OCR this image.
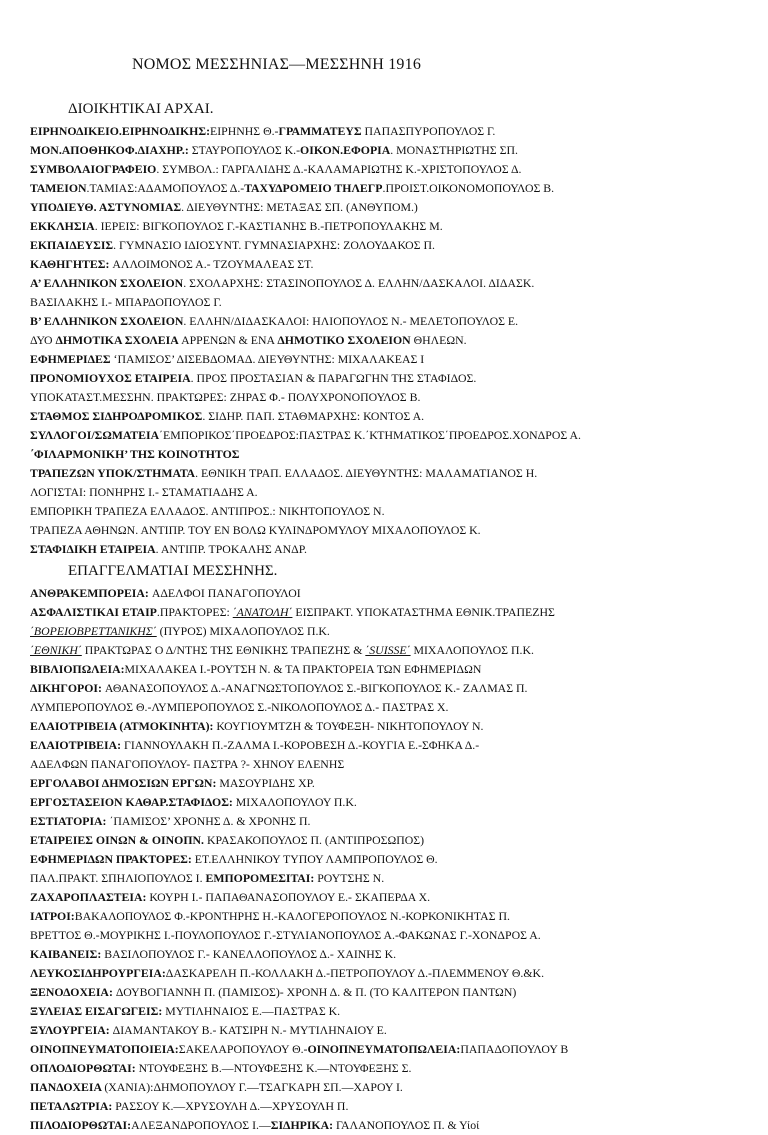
ΝΟΜΟΣ ΜΕΣΣΗΝΙΑΣ—ΜΕΣΣΗΝΗ 1916
ΔΙΟΙΚΗΤΙΚΑΙ ΑΡΧΑΙ.
ΕΙΡΗΝΟΔΙΚΕΙΟ.ΕΙΡΗΝΟΔΙΚΗΣ:ΕΙΡΗΝΗΣ Θ.-ΓΡΑΜΜΑΤΕΥΣ ΠΑΠΑΣΠΥΡΟΠΟΥΛΟΣ Γ.
ΜΟΝ.ΑΠΟΘΗΚΟΦ.ΔΙΑΧΗΡ.: ΣΤΑΥΡΟΠΟΥΛΟΣ Κ.-ΟΙΚΟΝ.ΕΦΟΡΙΑ. ΜΟΝΑΣΤΗΡΙΩΤΗΣ ΣΠ.
ΣΥΜΒΟΛΑΙΟΓΡΑΦΕΙΟ. ΣΥΜΒΟΛ.: ΓΑΡΓΑΛΙΔΗΣ Δ.-ΚΑΛΑΜΑΡΙΩΤΗΣ Κ.-ΧΡΙΣΤΟΠΟΥΛΟΣ Δ.
ΤΑΜΕΙΟΝ.ΤΑΜΙΑΣ:ΑΔΑΜΟΠΟΥΛΟΣ Δ.-ΤΑΧΥΔΡΟΜΕΙΟ ΤΗΛΕΓΡ.ΠΡΟΙΣΤ.ΟΙΚΟΝΟΜΟΠΟΥΛΟΣ Β.
ΥΠΟΔΙΕΥΘ. ΑΣΤΥΝΟΜΙΑΣ. ΔΙΕΥΘΥΝΤΗΣ: ΜΕΤΑΞΑΣ ΣΠ. (ΑΝΘΥΠΟΜ.)
ΕΚΚΛΗΣΙΑ. ΙΕΡΕΙΣ: ΒΙΓΚΟΠΟΥΛΟΣ Γ.-ΚΑΣΤΙΑΝΗΣ Β.-ΠΕΤΡΟΠΟΥΛΑΚΗΣ Μ.
ΕΚΠΑΙΔΕΥΣΙΣ. ΓΥΜΝΑΣΙΟ ΙΔΙΟΣΥΝΤ. ΓΥΜΝΑΣΙΑΡΧΗΣ: ΖΟΛΟΥΔΑΚΟΣ Π.
ΚΑΘΗΓΗΤΕΣ: ΑΛΛΟΙΜΟΝΟΣ Α.- ΤΖΟΥΜΑΛΕΑΣ ΣΤ.
Α’ ΕΛΛΗΝΙΚΟΝ ΣΧΟΛΕΙΟΝ. ΣΧΟΛΑΡΧΗΣ: ΣΤΑΣΙΝΟΠΟΥΛΟΣ Δ. ΕΛΛΗΝ/ΔΑΣΚΑΛΟΙ. ΔΙΔΑΣΚ.
ΒΑΣΙΛΑΚΗΣ Ι.- ΜΠΑΡΔΟΠΟΥΛΟΣ Γ.
Β’ ΕΛΛΗΝΙΚΟΝ ΣΧΟΛΕΙΟΝ. ΕΛΛΗΝ/ΔΙΔΑΣΚΑΛΟΙ: ΗΛΙΟΠΟΥΛΟΣ Ν.- ΜΕΛΕΤΟΠΟΥΛΟΣ Ε.
ΔΥΟ ΔΗΜΟΤΙΚΑ ΣΧΟΛΕΙΑ ΑΡΡΕΝΩΝ & ΕΝΑ ΔΗΜΟΤΙΚΟ ΣΧΟΛΕΙΟΝ ΘΗΛΕΩΝ.
ΕΦΗΜΕΡΙΔΕΣ ‘ΠΑΜΙΣΟΣ’ ΔΙΣΕΒΔΟΜΑΔ. ΔΙΕΥΘΥΝΤΗΣ: ΜΙΧΑΛΑΚΕΑΣ Ι
ΠΡΟΝΟΜΙΟΥΧΟΣ ΕΤΑΙΡΕΙΑ. ΠΡΟΣ ΠΡΟΣΤΑΣΙΑΝ & ΠΑΡΑΓΩΓΗΝ ΤΗΣ ΣΤΑΦΙΔΟΣ.
ΥΠΟΚΑΤΑΣΤ.ΜΕΣΣΗΝ. ΠΡΑΚΤΩΡΕΣ: ΖΗΡΑΣ Φ.- ΠΟΛΥΧΡΟΝΟΠΟΥΛΟΣ Β.
ΣΤΑΘΜΟΣ ΣΙΔΗΡΟΔΡΟΜΙΚΟΣ. ΣΙΔΗΡ. ΠΑΠ. ΣΤΑΘΜΑΡΧΗΣ: ΚΟΝΤΟΣ Α.
ΣΥΛΛΟΓΟΙ/ΣΩΜΑΤΕΙΑ΄ΕΜΠΟΡΙΚΟΣ΄ΠΡΟΕΔΡΟΣ:ΠΑΣΤΡΑΣ Κ.΄ΚΤΗΜΑΤΙΚΟΣ΄ΠΡΟΕΔΡΟΣ.ΧΟΝΔΡΟΣ Α.
΄ΦΙΛΑΡΜΟΝΙΚΗ’ ΤΗΣ ΚΟΙΝΟΤΗΤΟΣ
ΤΡΑΠΕΖΩΝ ΥΠΟΚ/ΣΤΗΜΑΤΑ. ΕΘΝΙΚΗ ΤΡΑΠ. ΕΛΛΑΔΟΣ. ΔΙΕΥΘΥΝΤΗΣ: ΜΑΛΑΜΑΤΙΑΝΟΣ Η.
ΛΟΓΙΣΤΑΙ: ΠΟΝΗΡΗΣ Ι.- ΣΤΑΜΑΤΙΑΔΗΣ Α.
ΕΜΠΟΡΙΚΗ ΤΡΑΠΕΖΑ ΕΛΛΑΔΟΣ. ΑΝΤΙΠΡΟΣ.: ΝΙΚΗΤΟΠΟΥΛΟΣ Ν.
ΤΡΑΠΕΖΑ ΑΘΗΝΩΝ. ΑΝΤΙΠΡ. ΤΟΥ ΕΝ ΒΟΛΩ ΚΥΛΙΝΔΡΟΜΥΛΟΥ ΜΙΧΑΛΟΠΟΥΛΟΣ Κ.
ΣΤΑΦΙΔΙΚΗ ΕΤΑΙΡΕΙΑ. ΑΝΤΙΠΡ. ΤΡΟΚΑΛΗΣ ΑΝΔΡ.
ΕΠΑΓΓΕΛΜΑΤΙΑΙ ΜΕΣΣΗΝΗΣ.
ΑΝΘΡΑΚΕΜΠΟΡΕΙΑ: ΑΔΕΛΦΟΙ ΠΑΝΑΓΟΠΟΥΛΟΙ
ΑΣΦΑΛΙΣΤΙΚΑΙ ΕΤΑΙΡ.ΠΡΑΚΤΟΡΕΣ: ΄ΑΝΑΤΟΛΗ΄ ΕΙΣΠΡΑΚΤ. ΥΠΟΚΑΤΑΣΤΗΜΑ ΕΘΝΙΚ.ΤΡΑΠΕΖΗΣ
΄ΒΟΡΕΙΟΒΡΕΤΤΑΝΙΚΗΣ΄ (ΠΥΡΟΣ) ΜΙΧΑΛΟΠΟΥΛΟΣ Π.Κ.
΄ΕΘΝΙΚΗ΄ ΠΡΑΚΤΩΡΑΣ Ο Δ/ΝΤΗΣ ΤΗΣ ΕΘΝΙΚΗΣ ΤΡΑΠΕΖΗΣ & ΄SUISSE΄ ΜΙΧΑΛΟΠΟΥΛΟΣ Π.Κ.
ΒΙΒΛΙΟΠΩΛΕΙΑ:ΜΙΧΑΛΑΚΕΑ Ι.-ΡΟΥΤΣΗ Ν. & ΤΑ ΠΡΑΚΤΟΡΕΙΑ ΤΩΝ ΕΦΗΜΕΡΙΔΩΝ
ΔΙΚΗΓΟΡΟΙ: ΑΘΑΝΑΣΟΠΟΥΛΟΣ Δ.-ΑΝΑΓΝΩΣΤΟΠΟΥΛΟΣ Σ.-ΒΙΓΚΟΠΟΥΛΟΣ Κ.- ΖΑΛΜΑΣ Π.
ΛΥΜΠΕΡΟΠΟΥΛΟΣ Θ.-ΛΥΜΠΕΡΟΠΟΥΛΟΣ Σ.-ΝΙΚΟΛΟΠΟΥΛΟΣ Δ.- ΠΑΣΤΡΑΣ Χ.
ΕΛΑΙΟΤΡΙΒΕΙΑ (ΑΤΜΟΚΙΝΗΤΑ): ΚΟΥΓΙΟΥΜΤΖΗ & ΤΟΥΦΕΞΗ- ΝΙΚΗΤΟΠΟΥΛΟΥ Ν.
ΕΛΑΙΟΤΡΙΒΕΙΑ: ΓΙΑΝΝΟΥΛΑΚΗ Π.-ΖΑΛΜΑ Ι.-ΚΟΡΟΒΕΣΗ Δ.-ΚΟΥΓΙΑ Ε.-ΣΦΗΚΑ Δ.-
ΑΔΕΛΦΩΝ ΠΑΝΑΓΟΠΟΥΛΟΥ- ΠΑΣΤΡΑ ?- ΧΗΝΟΥ ΕΛΕΝΗΣ
ΕΡΓΟΛΑΒΟΙ ΔΗΜΟΣΙΩΝ ΕΡΓΩΝ: ΜΑΣΟΥΡΙΔΗΣ ΧΡ.
ΕΡΓΟΣΤΑΣΕΙΟΝ ΚΑΘΑΡ.ΣΤΑΦΙΔΟΣ: ΜΙΧΑΛΟΠΟΥΛΟΥ Π.Κ.
ΕΣΤΙΑΤΟΡΙΑ: ΄ΠΑΜΙΣΟΣ’ ΧΡΟΝΗΣ Δ. & ΧΡΟΝΗΣ Π.
ΕΤΑΙΡΕΙΕΣ ΟΙΝΩΝ & ΟΙΝΟΠΝ. ΚΡΑΣΑΚΟΠΟΥΛΟΣ Π. (ΑΝΤΙΠΡΟΣΩΠΟΣ)
ΕΦΗΜΕΡΙΔΩΝ ΠΡΑΚΤΟΡΕΣ: ΕΤ.ΕΛΛΗΝΙΚΟΥ ΤΥΠΟΥ ΛΑΜΠΡΟΠΟΥΛΟΣ Θ.
ΠΑΛ.ΠΡΑΚΤ. ΣΠΗΛΙΟΠΟΥΛΟΣ Ι. ΕΜΠΟΡΟΜΕΣΙΤΑΙ: ΡΟΥΤΣΗΣ Ν.
ΖΑΧΑΡΟΠΛΑΣΤΕΙΑ: ΚΟΥΡΗ Ι.- ΠΑΠΑΘΑΝΑΣΟΠΟΥΛΟΥ Ε.- ΣΚΑΠΕΡΔΑ Χ.
ΙΑΤΡΟΙ:ΒΑΚΑΛΟΠΟΥΛΟΣ Φ.-ΚΡΟΝΤΗΡΗΣ Η.-ΚΑΛΟΓΕΡΟΠΟΥΛΟΣ Ν.-ΚΟΡΚΟΝΙΚΗΤΑΣ Π.
ΒΡΕΤΤΟΣ Θ.-ΜΟΥΡΙΚΗΣ Ι.-ΠΟΥΛΟΠΟΥΛΟΣ Γ.-ΣΤΥΛΙΑΝΟΠΟΥΛΟΣ Α.-ΦΑΚΩΝΑΣ Γ.-ΧΟΝΔΡΟΣ Α.
ΚΑΙΒΑΝΕΙΣ: ΒΑΣΙΛΟΠΟΥΛΟΣ Γ.- ΚΑΝΕΛΛΟΠΟΥΛΟΣ Δ.- ΧΑΙΝΗΣ Κ.
ΛΕΥΚΟΣΙΔΗΡΟΥΡΓΕΙΑ:ΔΑΣΚΑΡΕΛΗ Π.-ΚΟΛΛΑΚΗ Δ.-ΠΕΤΡΟΠΟΥΛΟΥ Δ.-ΠΛΕΜΜΕΝΟΥ Θ.&Κ.
ΞΕΝΟΔΟΧΕΙΑ: ΔΟΥΒΟΓΙΑΝΝΗ Π. (ΠΑΜΙΣΟΣ)- ΧΡΟΝΗ Δ. & Π. (ΤΟ ΚΑΛΙΤΕΡΟΝ ΠΑΝΤΩΝ)
ΞΥΛΕΙΑΣ ΕΙΣΑΓΩΓΕΙΣ: ΜΥΤΙΛΗΝΑΙΟΣ Ε.—ΠΑΣΤΡΑΣ Κ.
ΞΥΛΟΥΡΓΕΙΑ: ΔΙΑΜΑΝΤΑΚΟΥ Β.- ΚΑΤΣΙΡΗ Ν.- ΜΥΤΙΛΗΝΑΙΟΥ Ε.
ΟΙΝΟΠΝΕΥΜΑΤΟΠΟΙΕΙΑ:ΣΑΚΕΛΑΡΟΠΟΥΛΟΥ Θ.-ΟΙΝΟΠΝΕΥΜΑΤΟΠΩΛΕΙΑ:ΠΑΠΑΔΟΠΟΥΛΟΥ Β
ΟΠΛΟΔΙΟΡΘΩΤΑΙ: ΝΤΟΥΦΕΞΗΣ Β.—ΝΤΟΥΦΕΞΗΣ Κ.—ΝΤΟΥΦΕΞΗΣ Σ.
ΠΑΝΔΟΧΕΙΑ (ΧΑΝΙΑ):ΔΗΜΟΠΟΥΛΟΥ Γ.—ΤΣΑΓΚΑΡΗ ΣΠ.—ΧΑΡΟΥ Ι.
ΠΕΤΑΛΩΤΡΙΑ: ΡΑΣΣΟΥ Κ.—ΧΡΥΣΟΥΛΗ Δ.—ΧΡΥΣΟΥΛΗ Π.
ΠΙΛΟΔΙΟΡΘΩΤΑΙ:ΑΛΕΞΑΝΔΡΟΠΟΥΛΟΣ Ι.—ΣΙΔΗΡΙΚΑ: ΓΑΛΑΝΟΠΟΥΛΟΣ Π. & Υίοί
